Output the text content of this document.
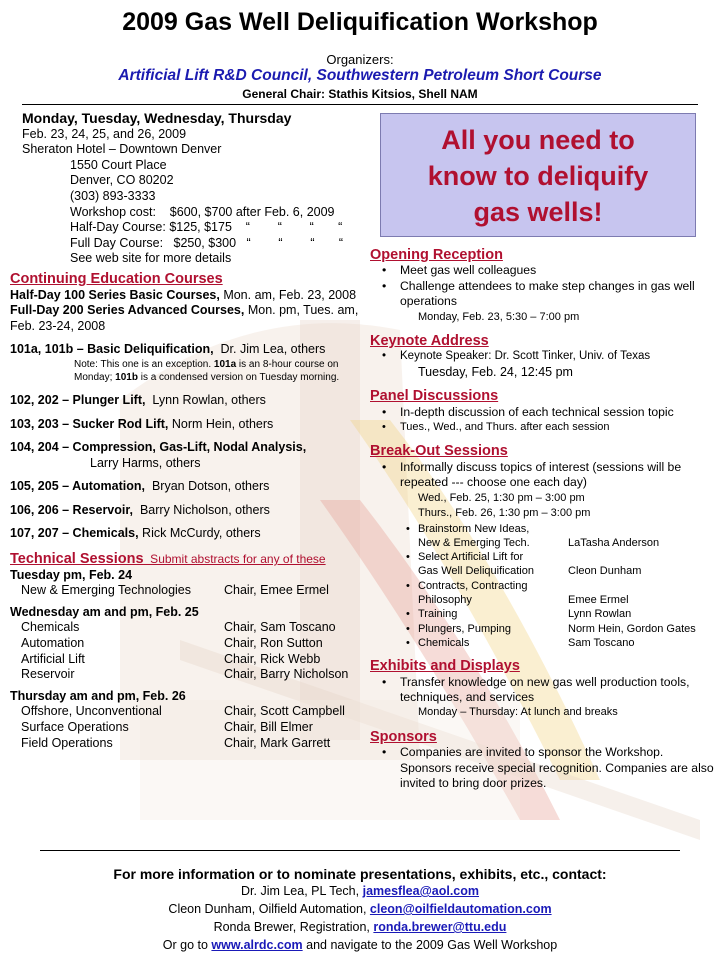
2009 Gas Well Deliquification Workshop
Organizers:
Artificial Lift R&D Council, Southwestern Petroleum Short Course
General Chair: Stathis Kitsios, Shell NAM
All you need to
know to deliquify
gas wells!
Monday, Tuesday, Wednesday, Thursday
Feb. 23, 24, 25, and 26, 2009
Sheraton Hotel – Downtown Denver
1550 Court Place
Denver, CO 80202
(303) 893-3333
Workshop cost:    $600, $700 after Feb. 6, 2009
Half-Day Course: $125, $175    “        “        “       “
Full Day Course:   $250, $300   “        “        “       “
See web site for more details
Continuing Education Courses
Half-Day 100 Series Basic Courses, Mon. am, Feb. 23, 2008
Full-Day 200 Series Advanced Courses, Mon. pm, Tues. am, Feb. 23-24, 2008
101a, 101b – Basic Deliquification,  Dr. Jim Lea, others
Note: This one is an exception. 101a is an 8-hour course on
Monday; 101b is a condensed version on Tuesday morning.
102, 202 – Plunger Lift,  Lynn Rowlan, others
103, 203 – Sucker Rod Lift, Norm Hein, others
104, 204 – Compression, Gas-Lift, Nodal Analysis,
Larry Harms, others
105, 205 – Automation,  Bryan Dotson, others
106, 206 – Reservoir,  Barry Nicholson, others
107, 207 – Chemicals, Rick McCurdy, others
Technical Sessions  Submit abstracts for any of these
Tuesday pm, Feb. 24
New & Emerging Technologies	Chair, Emee Ermel
Wednesday am and pm, Feb. 25
Chemicals	Chair, Sam Toscano
Automation	Chair, Ron Sutton
Artificial Lift	Chair, Rick Webb
Reservoir	Chair, Barry Nicholson
Thursday am and pm, Feb. 26
Offshore, Unconventional	Chair, Scott Campbell
Surface Operations	Chair, Bill Elmer
Field Operations	Chair, Mark Garrett
Opening Reception
• Meet gas well colleagues
• Challenge attendees to make step changes in gas well operations
Monday, Feb. 23, 5:30 – 7:00 pm
Keynote Address
• Keynote Speaker: Dr. Scott Tinker, Univ. of Texas
Tuesday, Feb. 24, 12:45 pm
Panel Discussions
• In-depth discussion of each technical session topic
• Tues., Wed., and Thurs. after each session
Break-Out Sessions
• Informally discuss topics of interest (sessions will be repeated --- choose one each day)
Wed., Feb. 25, 1:30 pm – 3:00 pm
Thurs., Feb. 26, 1:30 pm – 3:00 pm
• Brainstorm New Ideas,
New & Emerging Tech.	LaTasha Anderson
• Select Artificial Lift for
Gas Well Deliquification	Cleon Dunham
• Contracts, Contracting
Philosophy	Emee Ermel
• Training	Lynn Rowlan
• Plungers, Pumping	Norm Hein, Gordon Gates
• Chemicals	Sam Toscano
Exhibits and Displays
• Transfer knowledge on new gas well production tools, techniques, and services
Monday – Thursday: At lunch and breaks
Sponsors
• Companies are invited to sponsor the Workshop. Sponsors receive special recognition. Companies are also invited to bring door prizes.
For more information or to nominate presentations, exhibits, etc., contact:
Dr. Jim Lea, PL Tech, jamesflea@aol.com
Cleon Dunham, Oilfield Automation, cleon@oilfieldautomation.com
Ronda Brewer, Registration, ronda.brewer@ttu.edu
Or go to www.alrdc.com and navigate to the 2009 Gas Well Workshop
